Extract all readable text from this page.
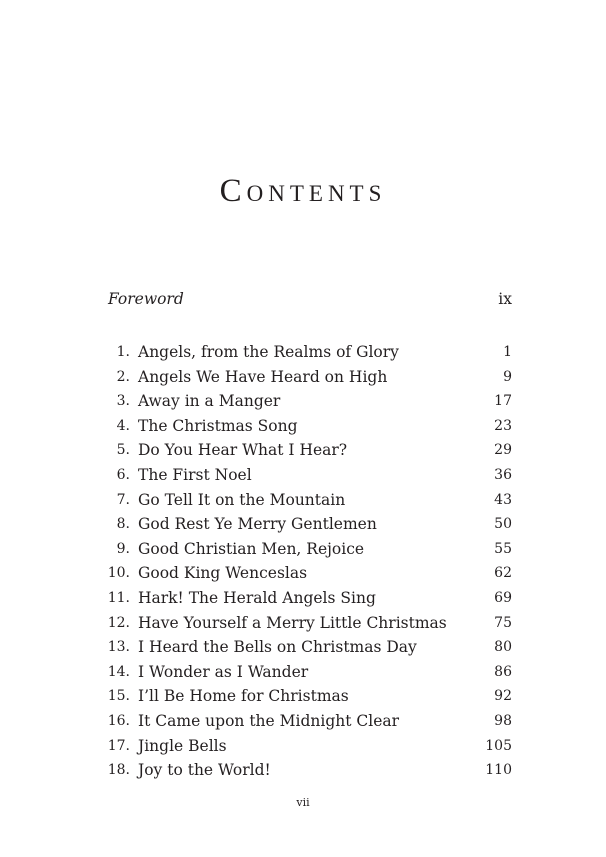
Contents
Foreword	ix
1. Angels, from the Realms of Glory	1
2. Angels We Have Heard on High	9
3. Away in a Manger	17
4. The Christmas Song	23
5. Do You Hear What I Hear?	29
6. The First Noel	36
7. Go Tell It on the Mountain	43
8. God Rest Ye Merry Gentlemen	50
9. Good Christian Men, Rejoice	55
10. Good King Wenceslas	62
11. Hark! The Herald Angels Sing	69
12. Have Yourself a Merry Little Christmas	75
13. I Heard the Bells on Christmas Day	80
14. I Wonder as I Wander	86
15. I’ll Be Home for Christmas	92
16. It Came upon the Midnight Clear	98
17. Jingle Bells	105
18. Joy to the World!	110
vii
